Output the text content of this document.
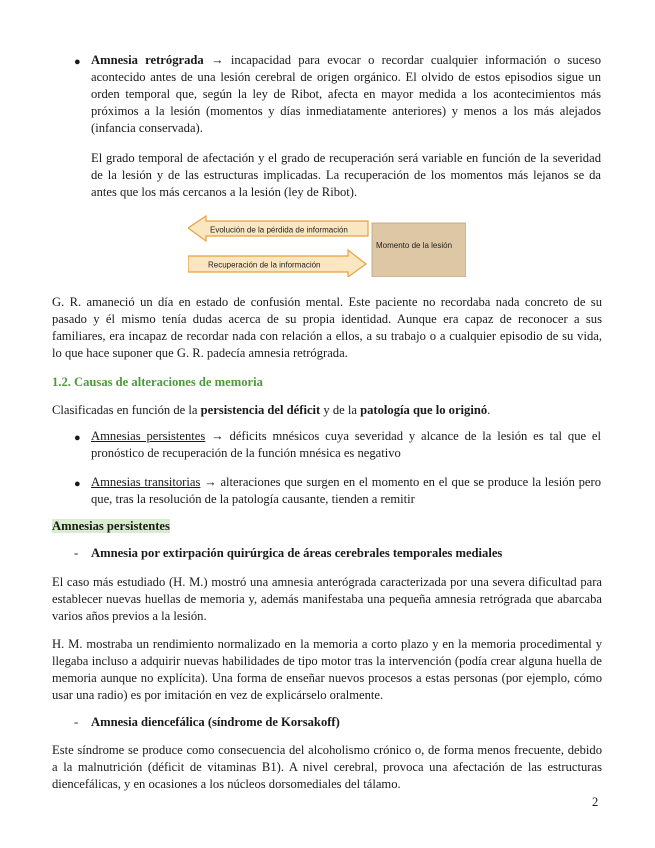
● Amnesia retrógrada → incapacidad para evocar o recordar cualquier información o suceso acontecido antes de una lesión cerebral de origen orgánico. El olvido de estos episodios sigue un orden temporal que, según la ley de Ribot, afecta en mayor medida a los acontecimientos más próximos a la lesión (momentos y días inmediatamente anteriores) y menos a los más alejados (infancia conservada).

El grado temporal de afectación y el grado de recuperación será variable en función de la severidad de la lesión y de las estructuras implicadas. La recuperación de los momentos más lejanos se da antes que los más cercanos a la lesión (ley de Ribot).

Evolución de la pérdida de información
Recuperación de la información
Momento de la lesión

G. R. amaneció un día en estado de confusión mental. Este paciente no recordaba nada concreto de su pasado y él mismo tenía dudas acerca de su propia identidad. Aunque era capaz de reconocer a sus familiares, era incapaz de recordar nada con relación a ellos, a su trabajo o a cualquier episodio de su vida, lo que hace suponer que G. R. padecía amnesia retrógrada.

1.2. Causas de alteraciones de memoria

Clasificadas en función de la persistencia del déficit y de la patología que lo originó.

● Amnesias persistentes → déficits mnésicos cuya severidad y alcance de la lesión es tal que el pronóstico de recuperación de la función mnésica es negativo

● Amnesias transitorias → alteraciones que surgen en el momento en el que se produce la lesión pero que, tras la resolución de la patología causante, tienden a remitir

Amnesias persistentes
- Amnesia por extirpación quirúrgica de áreas cerebrales temporales mediales

El caso más estudiado (H. M.) mostró una amnesia anterógrada caracterizada por una severa dificultad para establecer nuevas huellas de memoria y, además manifestaba una pequeña amnesia retrógrada que abarcaba varios años previos a la lesión.

H. M. mostraba un rendimiento normalizado en la memoria a corto plazo y en la memoria procedimental y llegaba incluso a adquirir nuevas habilidades de tipo motor tras la intervención (podía crear alguna huella de memoria aunque no explícita). Una forma de enseñar nuevos procesos a estas personas (por ejemplo, cómo usar una radio) es por imitación en vez de explicárselo oralmente.

- Amnesia diencefálica (síndrome de Korsakoff)

Este síndrome se produce como consecuencia del alcoholismo crónico o, de forma menos frecuente, debido a la malnutrición (déficit de vitaminas B1). A nivel cerebral, provoca una afectación de las estructuras diencefálicas, y en ocasiones a los núcleos dorsomediales del tálamo.

2
